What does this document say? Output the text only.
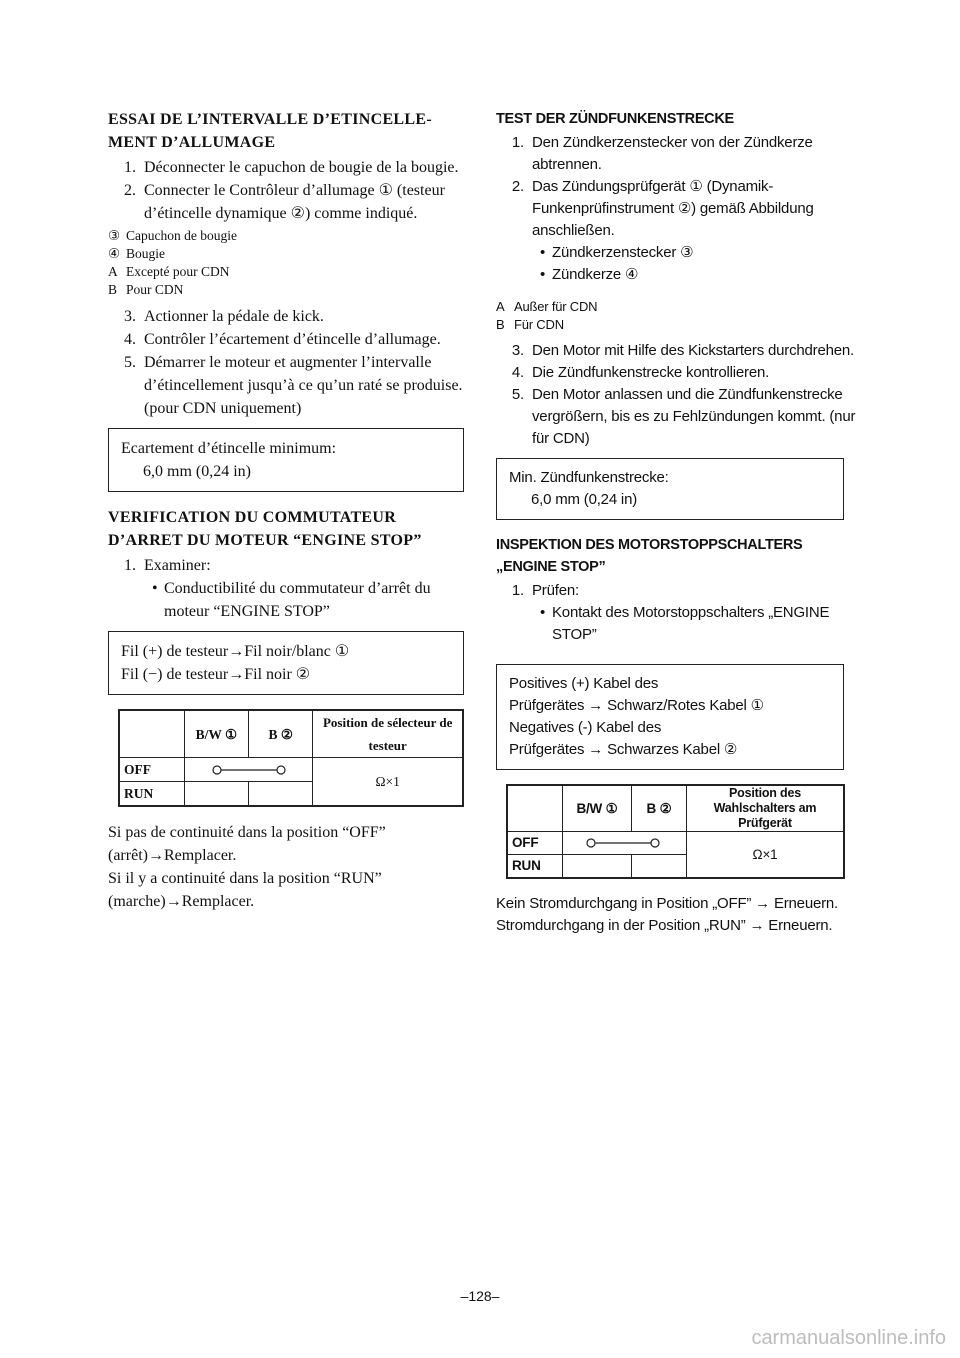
ESSAI DE L’INTERVALLE D’ETINCELLE-MENT D’ALLUMAGE
1. Déconnecter le capuchon de bougie de la bougie.
2. Connecter le Contrôleur d’allumage ① (testeur d’étincelle dynamique ②) comme indiqué.
③ Capuchon de bougie
④ Bougie
A Excepté pour CDN
B Pour CDN
3. Actionner la pédale de kick.
4. Contrôler l’écartement d’étincelle d’allumage.
5. Démarrer le moteur et augmenter l’intervalle d’étincellement jusqu’à ce qu’un raté se produise. (pour CDN uniquement)
Ecartement d’étincelle minimum:
6,0 mm (0,24 in)
VERIFICATION DU COMMUTATEUR D’ARRET DU MOTEUR “ENGINE STOP”
1. Examiner:
• Conductibilité du commutateur d’arrêt du moteur “ENGINE STOP”
Fil (+) de testeur→Fil noir/blanc ①
Fil (−) de testeur→Fil noir ②
	B/W ①	B ②	Position de sélecteur de testeur
OFF			Ω×1
RUN			

Si pas de continuité dans la position “OFF” (arrêt)→Remplacer.

Si il y a continuité dans la position “RUN” (marche)→Remplacer.

TEST DER ZÜNDFUNKENSTRECKE
1. Den Zündkerzenstecker von der Zündkerze abtrennen.
2. Das Zündungsprüfgerät ① (Dynamik-Funkenprüfinstrument ②) gemäß Abbildung anschließen.
• Zündkerzenstecker ③
• Zündkerze ④
A Außer für CDN
B Für CDN
3. Den Motor mit Hilfe des Kickstarters durchdrehen.
4. Die Zündfunkenstrecke kontrollieren.
5. Den Motor anlassen und die Zündfunkenstrecke vergrößern, bis es zu Fehlzündungen kommt. (nur für CDN)
Min. Zündfunkenstrecke:
6,0 mm (0,24 in)
INSPEKTION DES MOTORSTOPPSCHALTERS „ENGINE STOP”
1. Prüfen:
• Kontakt des Motorstoppschalters „ENGINE STOP”
Positives (+) Kabel des
Prüfgerätes → Schwarz/Rotes Kabel ①
Negatives (-) Kabel des
Prüfgerätes → Schwarzes Kabel ②
	B/W ①	B ②	Position des Wahlschalters am Prüfgerät
OFF			Ω×1
RUN			

Kein Stromdurchgang in Position „OFF” → Erneuern.

Stromdurchgang in der Position „RUN” → Erneuern.

–128–
carmanualsonline.info
